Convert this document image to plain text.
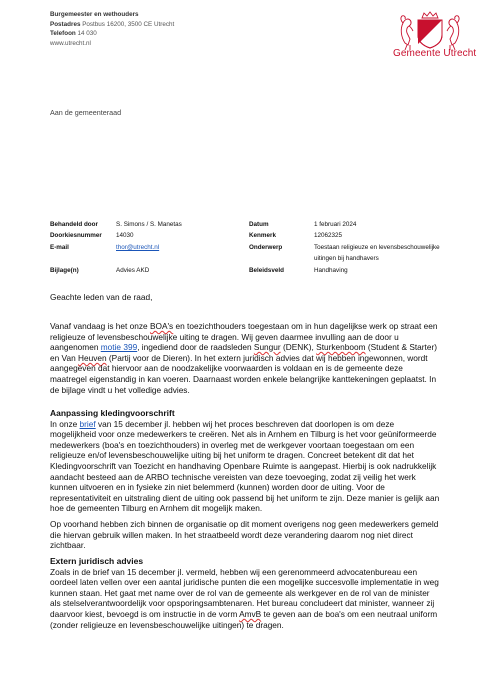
Burgemeester en wethouders
Postadres Postbus 16200, 3500 CE Utrecht
Telefoon 14 030
www.utrecht.nl
Gemeente Utrecht
Aan de gemeenteraad
Behandeld door
Doorkiesnummer
E-mail
Bijlage(n)
S. Simons / S. Manetas
14030
thor@utrecht.nl
Advies AKD
Datum
Kenmerk
Onderwerp
Beleidsveld
1 februari 2024
12062325
Toestaan religieuze en levensbeschouwelijke
uitingen bij handhavers
Handhaving
Geachte leden van de raad,

Vanaf vandaag is het onze BOA's en toezichthouders toegestaan om in hun dagelijkse werk op straat een religieuze of levensbeschouwelijke uiting te dragen. Wij geven daarmee invulling aan de door u aangenomen motie 399, ingediend door de raadsleden Sungur (DENK), Sturkenboom (Student & Starter) en Van Heuven (Partij voor de Dieren). In het extern juridisch advies dat wij hebben ingewonnen, wordt aangegeven dat hiervoor aan de noodzakelijke voorwaarden is voldaan en is de gemeente deze maatregel eigenstandig in kan voeren. Daarnaast worden enkele belangrijke kanttekeningen geplaatst. In de bijlage vindt u het volledige advies.

Aanpassing kledingvoorschrift

In onze brief van 15 december jl. hebben wij het proces beschreven dat doorlopen is om deze mogelijkheid voor onze medewerkers te creëren. Net als in Arnhem en Tilburg is het voor geüniformeerde medewerkers (boa's en toezichthouders) in overleg met de werkgever voortaan toegestaan om een religieuze en/of levensbeschouwelijke uiting bij het uniform te dragen. Concreet betekent dit dat het Kledingvoorschrift van Toezicht en handhaving Openbare Ruimte is aangepast. Hierbij is ook nadrukkelijk aandacht besteed aan de ARBO technische vereisten van deze toevoeging, zodat zij veilig het werk kunnen uitvoeren en in fysieke zin niet belemmerd (kunnen) worden door de uiting. Voor de representativiteit en uitstraling dient de uiting ook passend bij het uniform te zijn. Deze manier is gelijk aan hoe de gemeenten Tilburg en Arnhem dit mogelijk maken.

Op voorhand hebben zich binnen de organisatie op dit moment overigens nog geen medewerkers gemeld die hiervan gebruik willen maken. In het straatbeeld wordt deze verandering daarom nog niet direct zichtbaar.

Extern juridisch advies

Zoals in de brief van 15 december jl. vermeld, hebben wij een gerenommeerd advocatenbureau een oordeel laten vellen over een aantal juridische punten die een mogelijke succesvolle implementatie in weg kunnen staan. Het gaat met name over de rol van de gemeente als werkgever en de rol van de minister als stelselverantwoordelijk voor opsporingsambtenaren. Het bureau concludeert dat minister, wanneer zij daarvoor kiest, bevoegd is om instructie in de vorm AmvB te geven aan de boa's om een neutraal uniform (zonder religieuze en levensbeschouwelijke uitingen) te dragen.
